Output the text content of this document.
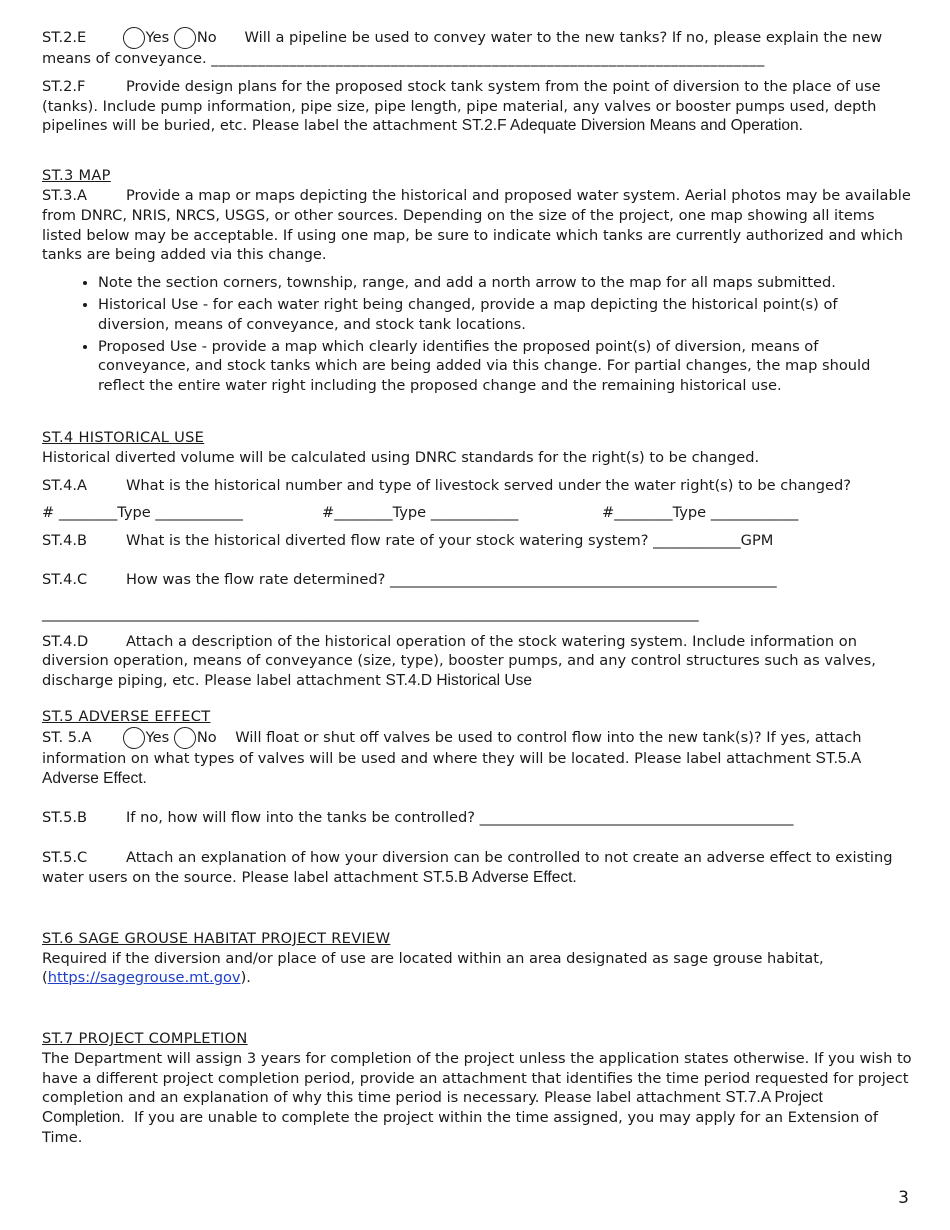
ST.2.E	Yes No Will a pipeline be used to convey water to the new tanks? If no, please explain the new means of conveyance. _______________________________________________________________________

ST.2.F	Provide design plans for the proposed stock tank system from the point of diversion to the place of use (tanks). Include pump information, pipe size, pipe length, pipe material, any valves or booster pumps used, depth pipelines will be buried, etc. Please label the attachment ST.2.F Adequate Diversion Means and Operation.

ST.3 MAP

ST.3.A	Provide a map or maps depicting the historical and proposed water system. Aerial photos may be available from DNRC, NRIS, NRCS, USGS, or other sources. Depending on the size of the project, one map showing all items listed below may be acceptable. If using one map, be sure to indicate which tanks are currently authorized and which tanks are being added via this change.

• Note the section corners, township, range, and add a north arrow to the map for all maps submitted.
• Historical Use - for each water right being changed, provide a map depicting the historical point(s) of diversion, means of conveyance, and stock tank locations.
• Proposed Use - provide a map which clearly identifies the proposed point(s) of diversion, means of conveyance, and stock tanks which are being added via this change. For partial changes, the map should reflect the entire water right including the proposed change and the remaining historical use.

ST.4 HISTORICAL USE

Historical diverted volume will be calculated using DNRC standards for the right(s) to be changed.

ST.4.A	What is the historical number and type of livestock served under the water right(s) to be changed?

# ________Type ____________	#________Type ____________	#________Type ____________

ST.4.B	What is the historical diverted flow rate of your stock watering system? ____________GPM

ST.4.C	How was the flow rate determined? _____________________________________________________

__________________________________________________________________________________________

ST.4.D	Attach a description of the historical operation of the stock watering system. Include information on diversion operation, means of conveyance (size, type), booster pumps, and any control structures such as valves, discharge piping, etc. Please label attachment ST.4.D Historical Use

ST.5 ADVERSE EFFECT

ST. 5.A	Yes No Will float or shut off valves be used to control flow into the new tank(s)? If yes, attach information on what types of valves will be used and where they will be located. Please label attachment ST.5.A Adverse Effect.

ST.5.B	If no, how will flow into the tanks be controlled? ___________________________________________

ST.5.C	Attach an explanation of how your diversion can be controlled to not create an adverse effect to existing water users on the source. Please label attachment ST.5.B Adverse Effect.

ST.6 SAGE GROUSE HABITAT PROJECT REVIEW

Required if the diversion and/or place of use are located within an area designated as sage grouse habitat,

(https://sagegrouse.mt.gov).

ST.7 PROJECT COMPLETION

The Department will assign 3 years for completion of the project unless the application states otherwise. If you wish to have a different project completion period, provide an attachment that identifies the time period requested for project completion and an explanation of why this time period is necessary. Please label attachment ST.7.A Project Completion. If you are unable to complete the project within the time assigned, you may apply for an Extension of Time.

3
